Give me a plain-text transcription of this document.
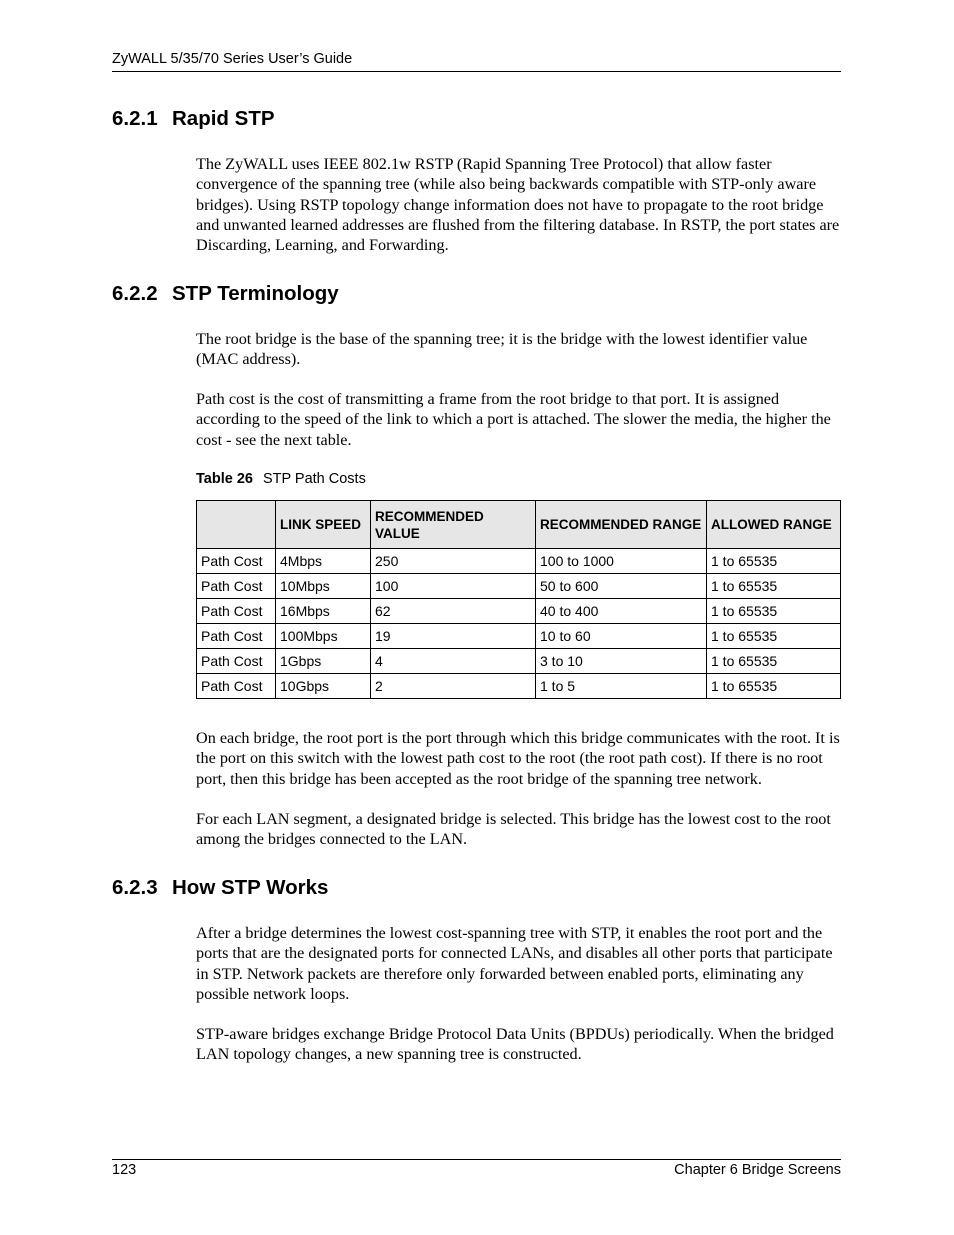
ZyWALL 5/35/70 Series User’s Guide
6.2.1 Rapid STP

The ZyWALL uses IEEE 802.1w RSTP (Rapid Spanning Tree Protocol) that allow faster convergence of the spanning tree (while also being backwards compatible with STP-only aware bridges). Using RSTP topology change information does not have to propagate to the root bridge and unwanted learned addresses are flushed from the filtering database. In RSTP, the port states are Discarding, Learning, and Forwarding.

6.2.2 STP Terminology

The root bridge is the base of the spanning tree; it is the bridge with the lowest identifier value (MAC address).

Path cost is the cost of transmitting a frame from the root bridge to that port. It is assigned according to the speed of the link to which a port is attached. The slower the media, the higher the cost - see the next table.

Table 26 STP Path Costs
	LINK SPEED	RECOMMENDED VALUE	RECOMMENDED RANGE	ALLOWED RANGE
Path Cost	4Mbps	250	100 to 1000	1 to 65535
Path Cost	10Mbps	100	50 to 600	1 to 65535
Path Cost	16Mbps	62	40 to 400	1 to 65535
Path Cost	100Mbps	19	10 to 60	1 to 65535
Path Cost	1Gbps	4	3 to 10	1 to 65535
Path Cost	10Gbps	2	1 to 5	1 to 65535

On each bridge, the root port is the port through which this bridge communicates with the root. It is the port on this switch with the lowest path cost to the root (the root path cost). If there is no root port, then this bridge has been accepted as the root bridge of the spanning tree network.

For each LAN segment, a designated bridge is selected. This bridge has the lowest cost to the root among the bridges connected to the LAN.

6.2.3 How STP Works

After a bridge determines the lowest cost-spanning tree with STP, it enables the root port and the ports that are the designated ports for connected LANs, and disables all other ports that participate in STP. Network packets are therefore only forwarded between enabled ports, eliminating any possible network loops.

STP-aware bridges exchange Bridge Protocol Data Units (BPDUs) periodically. When the bridged LAN topology changes, a new spanning tree is constructed.

123	Chapter 6 Bridge Screens
